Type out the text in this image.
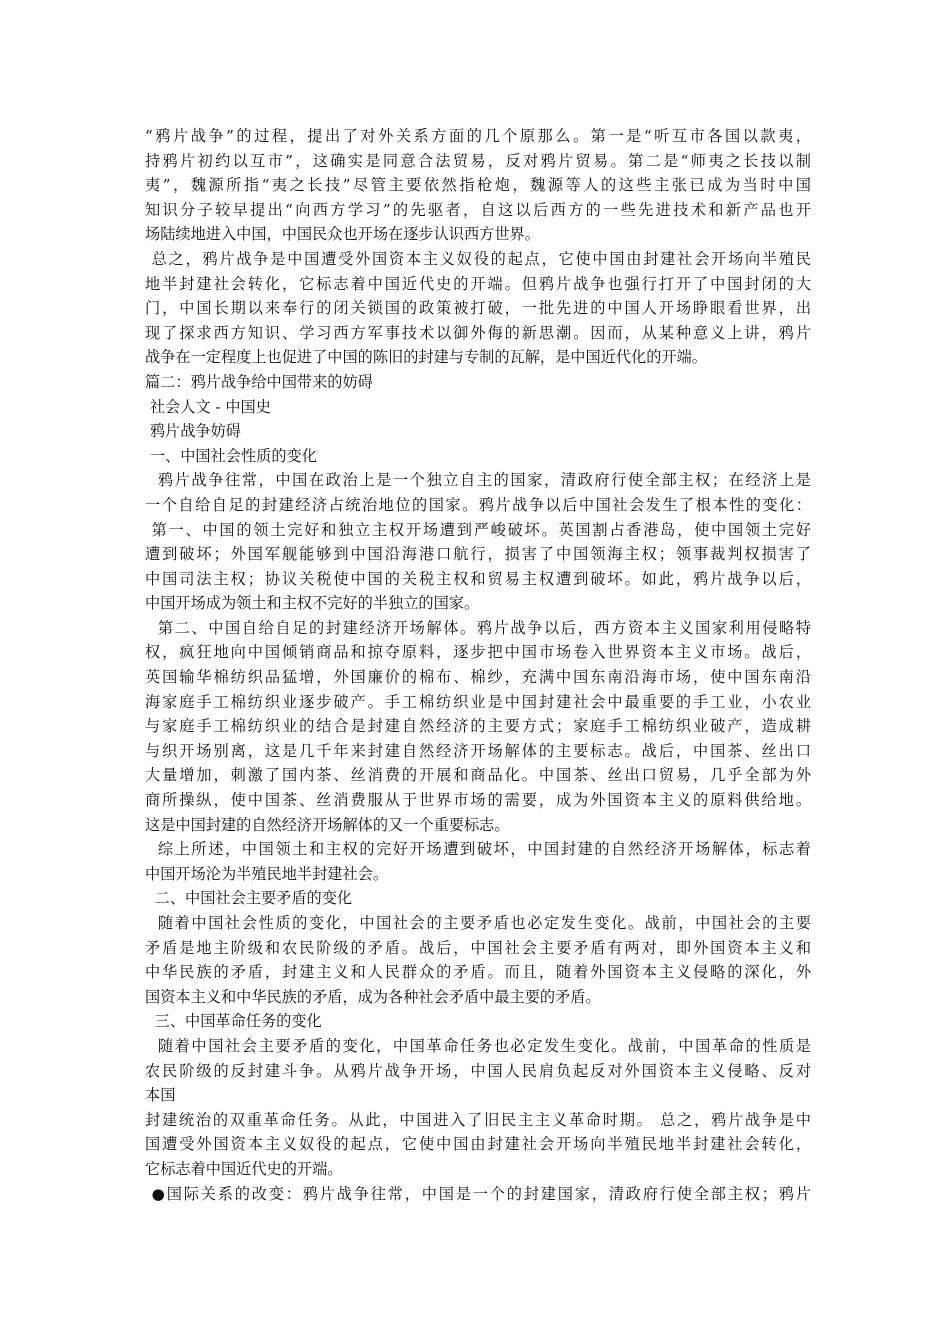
“鸦片战争”的过程，提出了对外关系方面的几个原那么。第一是“听互市各国以款夷，
持鸦片初约以互市”，这确实是同意合法贸易，反对鸦片贸易。第二是“师夷之长技以制
夷”，魏源所指“夷之长技”尽管主要依然指枪炮，魏源等人的这些主张已成为当时中国
知识分子较早提出“向西方学习”的先驱者，自这以后西方的一些先进技术和新产品也开
场陆续地进入中国，中国民众也开场在逐步认识西方世界。
总之，鸦片战争是中国遭受外国资本主义奴役的起点，它使中国由封建社会开场向半殖民
地半封建社会转化，它标志着中国近代史的开端。但鸦片战争也强行打开了中国封闭的大
门，中国长期以来奉行的闭关锁国的政策被打破，一批先进的中国人开场睁眼看世界，出
现了探求西方知识、学习西方军事技术以御外侮的新思潮。因而，从某种意义上讲，鸦片
战争在一定程度上也促进了中国的陈旧的封建与专制的瓦解，是中国近代化的开端。
篇二：鸦片战争给中国带来的妨碍
社会人文 - 中国史
鸦片战争妨碍
一、中国社会性质的变化
鸦片战争往常，中国在政治上是一个独立自主的国家，清政府行使全部主权；在经济上是
一个自给自足的封建经济占统治地位的国家。鸦片战争以后中国社会发生了根本性的变化：
第一、中国的领土完好和独立主权开场遭到严峻破坏。英国割占香港岛，使中国领土完好
遭到破坏；外国军舰能够到中国沿海港口航行，损害了中国领海主权；领事裁判权损害了
中国司法主权；协议关税使中国的关税主权和贸易主权遭到破坏。如此，鸦片战争以后，
中国开场成为领土和主权不完好的半独立的国家。
第二、中国自给自足的封建经济开场解体。鸦片战争以后，西方资本主义国家利用侵略特
权，疯狂地向中国倾销商品和掠夺原料，逐步把中国市场卷入世界资本主义市场。战后，
英国输华棉纺织品猛增，外国廉价的棉布、棉纱，充满中国东南沿海市场，使中国东南沿
海家庭手工棉纺织业逐步破产。手工棉纺织业是中国封建社会中最重要的手工业，小农业
与家庭手工棉纺织业的结合是封建自然经济的主要方式；家庭手工棉纺织业破产，造成耕
与织开场别离，这是几千年来封建自然经济开场解体的主要标志。战后，中国茶、丝出口
大量增加，刺激了国内茶、丝消费的开展和商品化。中国茶、丝出口贸易，几乎全部为外
商所操纵，使中国茶、丝消费服从于世界市场的需要，成为外国资本主义的原料供给地。
这是中国封建的自然经济开场解体的又一个重要标志。
综上所述，中国领土和主权的完好开场遭到破坏，中国封建的自然经济开场解体，标志着
中国开场沦为半殖民地半封建社会。
二、中国社会主要矛盾的变化
随着中国社会性质的变化，中国社会的主要矛盾也必定发生变化。战前，中国社会的主要
矛盾是地主阶级和农民阶级的矛盾。战后，中国社会主要矛盾有两对，即外国资本主义和
中华民族的矛盾，封建主义和人民群众的矛盾。而且，随着外国资本主义侵略的深化，外
国资本主义和中华民族的矛盾，成为各种社会矛盾中最主要的矛盾。
三、中国革命任务的变化
随着中国社会主要矛盾的变化，中国革命任务也必定发生变化。战前，中国革命的性质是
农民阶级的反封建斗争。从鸦片战争开场，中国人民肩负起反对外国资本主义侵略、反对
本国
封建统治的双重革命任务。从此，中国进入了旧民主主义革命时期。 总之，鸦片战争是中
国遭受外国资本主义奴役的起点，它使中国由封建社会开场向半殖民地半封建社会转化，
它标志着中国近代史的开端。
●国际关系的改变：鸦片战争往常，中国是一个的封建国家，清政府行使全部主权；鸦片
